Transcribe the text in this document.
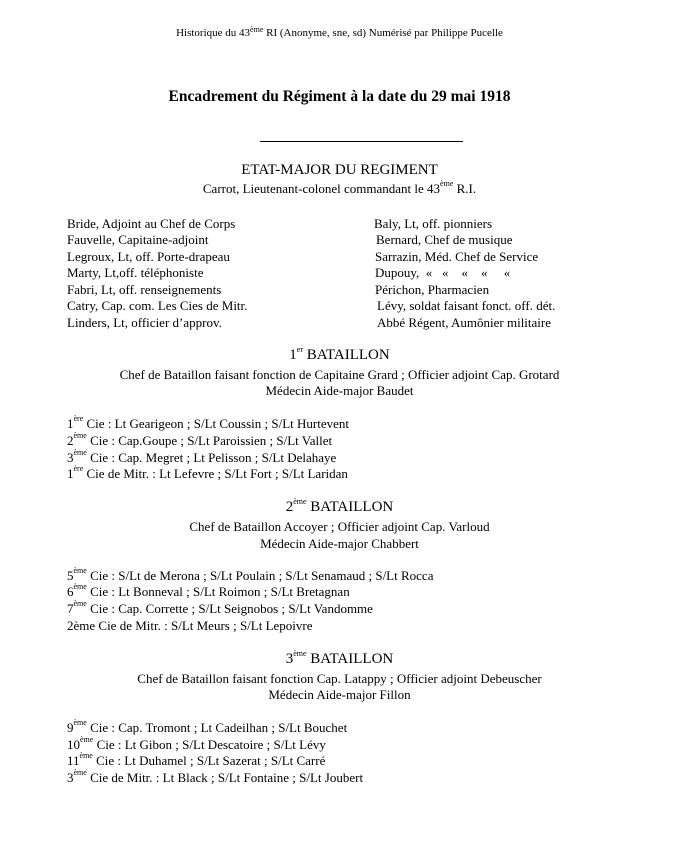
Historique du 43ème RI (Anonyme, sne, sd) Numérisé par Philippe Pucelle
Encadrement du Régiment à la date du 29 mai 1918
ETAT-MAJOR DU REGIMENT
Carrot, Lieutenant-colonel commandant le 43ème R.I.
Bride, Adjoint au Chef de Corps
Fauvelle, Capitaine-adjoint
Legroux, Lt, off. Porte-drapeau
Marty, Lt,off. téléphoniste
Fabri, Lt, off. renseignements
Catry, Cap. com. Les Cies de Mitr.
Linders, Lt, officier d’approv.
Baly, Lt, off. pionniers
Bernard, Chef de musique
Sarrazin, Méd. Chef de Service
Dupouy,  «   «    «    «     «
Périchon, Pharmacien
Lévy, soldat faisant fonct. off. dét.
Abbé Régent, Aumônier militaire
1er BATAILLON
Chef de Bataillon faisant fonction de Capitaine Grard ; Officier adjoint Cap. Grotard
Médecin Aide-major Baudet
1ère Cie : Lt Gearigeon ; S/Lt Coussin ; S/Lt Hurtevent
2ème Cie : Cap.Goupe ; S/Lt Paroissien ; S/Lt Vallet
3ème Cie : Cap. Megret ; Lt Pelisson ; S/Lt Delahaye
1ère Cie de Mitr. : Lt Lefevre ; S/Lt Fort ; S/Lt Laridan
2ème BATAILLON
Chef de Bataillon Accoyer ; Officier adjoint Cap. Varloud
Médecin Aide-major Chabbert
5ème Cie : S/Lt de Merona ; S/Lt Poulain ; S/Lt Senamaud ; S/Lt Rocca
6ème Cie : Lt Bonneval ; S/Lt Roimon ; S/Lt Bretagnan
7ème Cie : Cap. Corrette ; S/Lt Seignobos ; S/Lt Vandomme
2ème Cie de Mitr. : S/Lt Meurs ; S/Lt Lepoivre
3ème BATAILLON
Chef de Bataillon faisant fonction Cap. Latappy ; Officier adjoint Debeuscher
Médecin Aide-major Fillon
9ème Cie : Cap. Tromont ; Lt Cadeilhan ; S/Lt Bouchet
10ème Cie : Lt Gibon ; S/Lt Descatoire ; S/Lt Lévy
11ème Cie : Lt Duhamel ; S/Lt Sazerat ; S/Lt Carré
3ème Cie de Mitr. : Lt Black ; S/Lt Fontaine ; S/Lt Joubert
